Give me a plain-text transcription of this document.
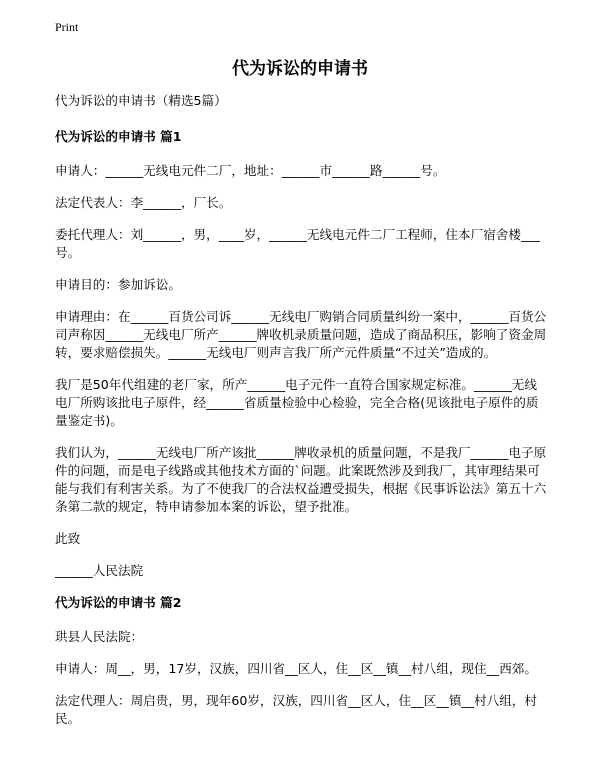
Print
代为诉讼的申请书

代为诉讼的申请书（精选5篇）

代为诉讼的申请书 篇1

申请人：______无线电元件二厂，地址：______市______路______号。

法定代表人：李______，厂长。

委托代理人：刘______，男，____岁，______无线电元件二厂工程师，住本厂宿舍楼___号。

申请目的：参加诉讼。

申请理由：在______百货公司诉______无线电厂购销合同质量纠纷一案中，______百货公司声称因______无线电厂所产______牌收机录质量问题，造成了商品积压，影响了资金周转，要求赔偿损失。______无线电厂则声言我厂所产元件质量“不过关”造成的。

我厂是50年代组建的老厂家，所产______电子元件一直符合国家规定标准。______无线电厂所购该批电子原件，经______省质量检验中心检验，完全合格(见该批电子原件的质量鉴定书)。

我们认为，______无线电厂所产该批______牌收录机的质量问题，不是我厂______电子原件的问题，而是电子线路或其他技术方面的`问题。此案既然涉及到我厂，其审理结果可能与我们有利害关系。为了不使我厂的合法权益遭受损失，根据《民事诉讼法》第五十六条第二款的规定，特申请参加本案的诉讼，望予批准。

此致

______人民法院

代为诉讼的申请书 篇2

珙县人民法院：

申请人：周__，男，17岁，汉族，四川省__区人，住__区__镇__村八组，现住__西郊。

法定代理人：周启贵，男，现年60岁，汉族，四川省__区人，住__区__镇__村八组，村民。
